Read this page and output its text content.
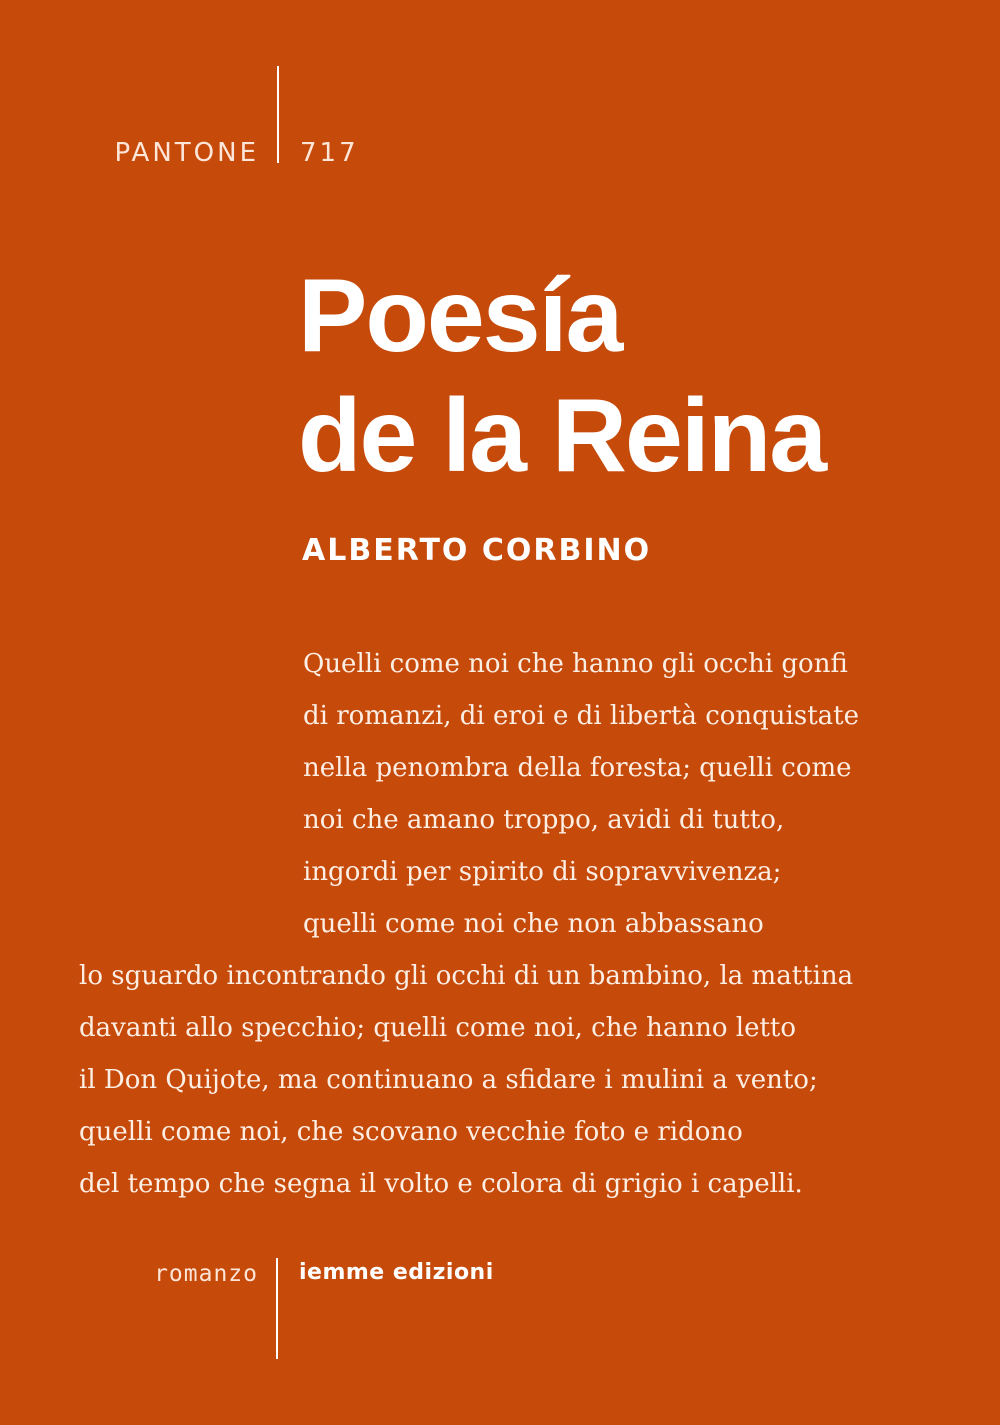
PANTONE 717
Poesía
de la Reina
ALBERTO CORBINO
Quelli come noi che hanno gli occhi gonfi
di romanzi, di eroi e di libertà conquistate
nella penombra della foresta; quelli come
noi che amano troppo, avidi di tutto,
ingordi per spirito di sopravvivenza;
quelli come noi che non abbassano
lo sguardo incontrando gli occhi di un bambino, la mattina
davanti allo specchio; quelli come noi, che hanno letto
il Don Quijote, ma continuano a sfidare i mulini a vento;
quelli come noi, che scovano vecchie foto e ridono
del tempo che segna il volto e colora di grigio i capelli.
romanzo iemme edizioni
